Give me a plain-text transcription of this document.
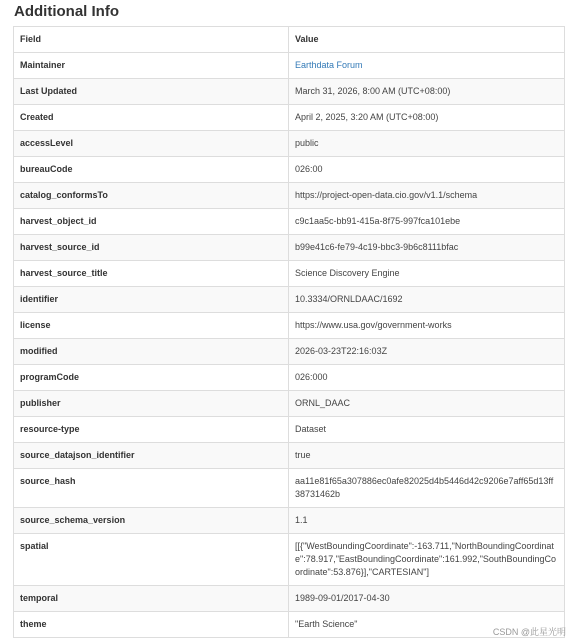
Additional Info
Field	Value
Maintainer	Earthdata Forum
Last Updated	March 31, 2026, 8:00 AM (UTC+08:00)
Created	April 2, 2025, 3:20 AM (UTC+08:00)
accessLevel	public
bureauCode	026:00
catalog_conformsTo	https://project-open-data.cio.gov/v1.1/schema
harvest_object_id	c9c1aa5c-bb91-415a-8f75-997fca101ebe
harvest_source_id	b99e41c6-fe79-4c19-bbc3-9b6c8111bfac
harvest_source_title	Science Discovery Engine
identifier	10.3334/ORNLDAAC/1692
license	https://www.usa.gov/government-works
modified	2026-03-23T22:16:03Z
programCode	026:000
publisher	ORNL_DAAC
resource-type	Dataset
source_datajson_identifier	true
source_hash	aa11e81f65a307886ec0afe82025d4b5446d42c9206e7aff65d13ff38731462b
source_schema_version	1.1
spatial	[[{"WestBoundingCoordinate":-163.711,"NorthBoundingCoordinate":78.917,"EastBoundingCoordinate":161.992,"SouthBoundingCoordinate":53.876}],"CARTESIAN"]
temporal	1989-09-01/2017-04-30
theme	"Earth Science"
CSDN @此星光明
